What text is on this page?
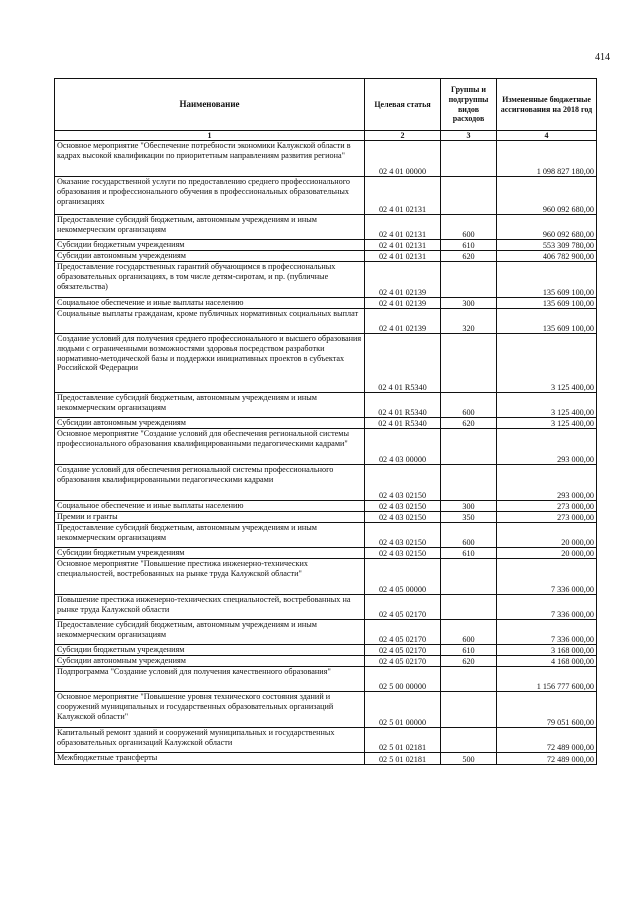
414
Наименование	Целевая статья	Группы и подгруппы видов расходов	Измененные бюджетные ассигнования на 2018 год
1	2	3	4
Основное мероприятие "Обеспечение потребности экономики Калужской области в кадрах высокой квалификации по приоритетным направлениям развития региона"	02 4 01 00000		1 098 827 180,00
Оказание государственной услуги по предоставлению среднего профессионального образования и профессионального обучения в профессиональных образовательных организациях	02 4 01 02131		960 092 680,00
Предоставление субсидий бюджетным, автономным учреждениям и иным некоммерческим организациям	02 4 01 02131	600	960 092 680,00
Субсидии бюджетным учреждениям	02 4 01 02131	610	553 309 780,00
Субсидии автономным учреждениям	02 4 01 02131	620	406 782 900,00
Предоставление государственных гарантий обучающимся в профессиональных образовательных организациях, в том числе детям-сиротам, и пр. (публичные обязательства)	02 4 01 02139		135 609 100,00
Социальное обеспечение и иные выплаты населению	02 4 01 02139	300	135 609 100,00
Социальные выплаты гражданам, кроме публичных нормативных социальных выплат	02 4 01 02139	320	135 609 100,00
Создание условий для получения среднего профессионального и высшего образования людьми с ограниченными возможностями здоровья посредством разработки нормативно-методической базы и поддержки инициативных проектов в субъектах Российской Федерации	02 4 01 R5340		3 125 400,00
Предоставление субсидий бюджетным, автономным учреждениям и иным некоммерческим организациям	02 4 01 R5340	600	3 125 400,00
Субсидии автономным учреждениям	02 4 01 R5340	620	3 125 400,00
Основное мероприятие "Создание условий для обеспечения региональной системы профессионального образования квалифицированными педагогическими кадрами"	02 4 03 00000		293 000,00
Создание условий для обеспечения региональной системы профессионального образования квалифицированными педагогическими кадрами	02 4 03 02150		293 000,00
Социальное обеспечение и иные выплаты населению	02 4 03 02150	300	273 000,00
Премии и гранты	02 4 03 02150	350	273 000,00
Предоставление субсидий бюджетным, автономным учреждениям и иным некоммерческим организациям	02 4 03 02150	600	20 000,00
Субсидии бюджетным учреждениям	02 4 03 02150	610	20 000,00
Основное мероприятие "Повышение престижа инженерно-технических специальностей, востребованных на рынке труда Калужской области"	02 4 05 00000		7 336 000,00
Повышение престижа инженерно-технических специальностей, востребованных на рынке труда Калужской области	02 4 05 02170		7 336 000,00
Предоставление субсидий бюджетным, автономным учреждениям и иным некоммерческим организациям	02 4 05 02170	600	7 336 000,00
Субсидии бюджетным учреждениям	02 4 05 02170	610	3 168 000,00
Субсидии автономным учреждениям	02 4 05 02170	620	4 168 000,00
Подпрограмма "Создание условий для получения качественного образования"	02 5 00 00000		1 156 777 600,00
Основное мероприятие "Повышение уровня технического состояния зданий и сооружений муниципальных и государственных образовательных организаций Калужской области"	02 5 01 00000		79 051 600,00
Капитальный ремонт зданий и сооружений муниципальных и государственных образовательных организаций Калужской области	02 5 01 02181		72 489 000,00
Межбюджетные трансферты	02 5 01 02181	500	72 489 000,00
